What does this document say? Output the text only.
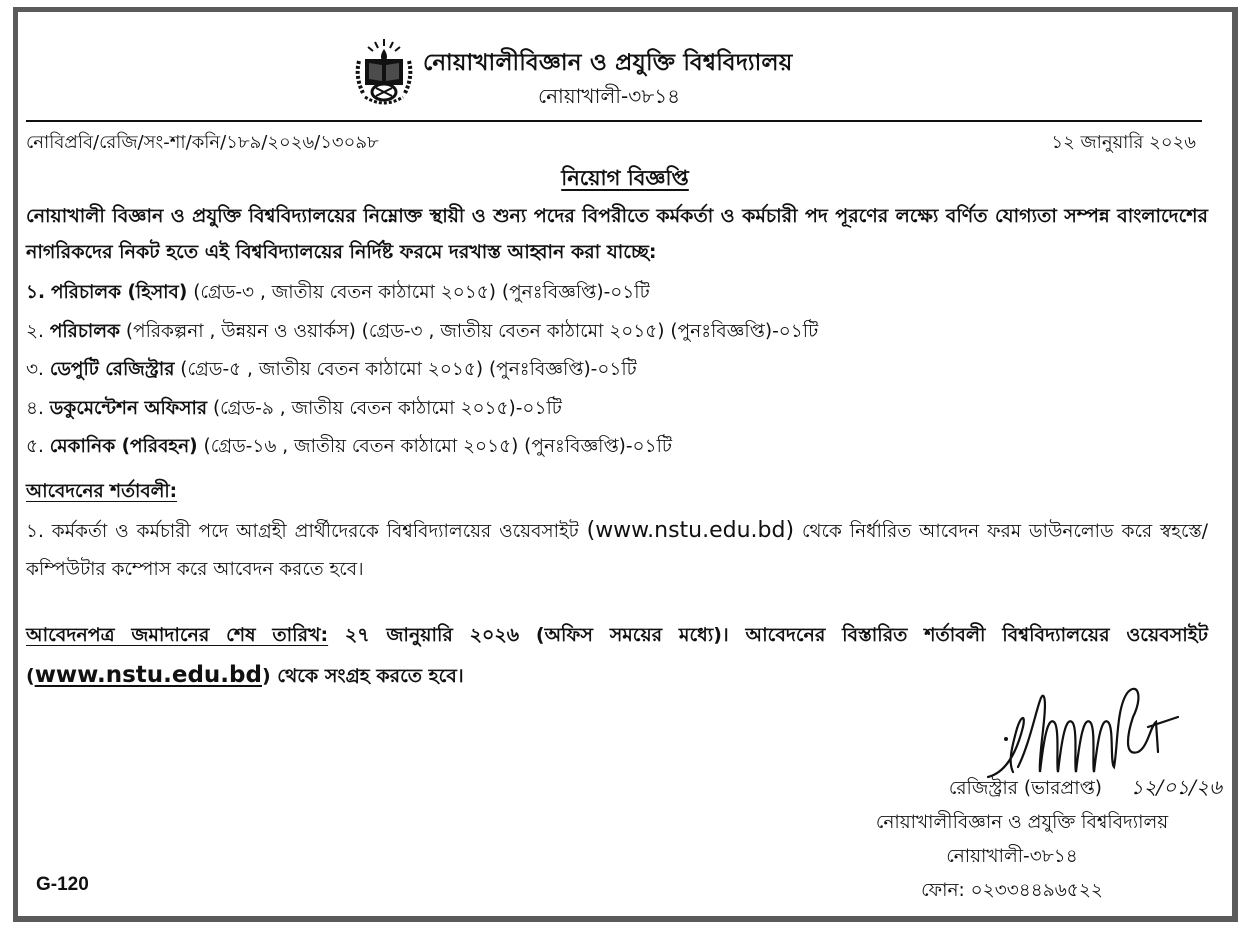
নোয়াখালীবিজ্ঞান ও প্রযুক্তি বিশ্ববিদ্যালয়
নোয়াখালী-৩৮১৪
নোবিপ্রবি/রেজি/সং-শা/কনি/১৮৯/২০২৬/১৩০৯৮	১২ জানুয়ারি ২০২৬
নিয়োগ বিজ্ঞপ্তি
নোয়াখালী বিজ্ঞান ও প্রযুক্তি বিশ্ববিদ্যালয়ের নিম্নোক্ত স্থায়ী ও শুন্য পদের বিপরীতে কর্মকর্তা ও কর্মচারী পদ পূরণের লক্ষ্যে বর্ণিত যোগ্যতা সম্পন্ন বাংলাদেশের নাগরিকদের নিকট হতে এই বিশ্ববিদ্যালয়ের নির্দিষ্ট ফরমে দরখাস্ত আহ্বান করা যাচ্ছে:
১. পরিচালক (হিসাব) (গ্রেড-৩ , জাতীয় বেতন কাঠামো ২০১৫) (পুনঃবিজ্ঞপ্তি)-০১টি
২. পরিচালক (পরিকল্পনা , উন্নয়ন ও ওয়ার্কস) (গ্রেড-৩ , জাতীয় বেতন কাঠামো ২০১৫) (পুনঃবিজ্ঞপ্তি)-০১টি
৩. ডেপুটি রেজিস্ট্রার (গ্রেড-৫ , জাতীয় বেতন কাঠামো ২০১৫) (পুনঃবিজ্ঞপ্তি)-০১টি
৪. ডকুমেন্টেশন অফিসার (গ্রেড-৯ , জাতীয় বেতন কাঠামো ২০১৫)-০১টি
৫. মেকানিক (পরিবহন) (গ্রেড-১৬ , জাতীয় বেতন কাঠামো ২০১৫) (পুনঃবিজ্ঞপ্তি)-০১টি
আবেদনের শর্তাবলী:
১. কর্মকর্তা ও কর্মচারী পদে আগ্রহী প্রার্থীদেরকে বিশ্ববিদ্যালয়ের ওয়েবসাইট (www.nstu.edu.bd) থেকে নির্ধারিত আবেদন ফরম ডাউনলোড করে স্বহস্তে/কম্পিউটার কম্পোস করে আবেদন করতে হবে।
আবেদনপত্র জমাদানের শেষ তারিখ: ২৭ জানুয়ারি ২০২৬ (অফিস সময়ের মধ্যে)। আবেদনের বিস্তারিত শর্তাবলী বিশ্ববিদ্যালয়ের ওয়েবসাইট (www.nstu.edu.bd) থেকে সংগ্রহ করতে হবে।
রেজিস্ট্রার (ভারপ্রাপ্ত)	১২/০১/২৬
নোয়াখালীবিজ্ঞান ও প্রযুক্তি বিশ্ববিদ্যালয়
নোয়াখালী-৩৮১৪
ফোন: ০২৩৩৪৪৯৬৫২২
G-120
